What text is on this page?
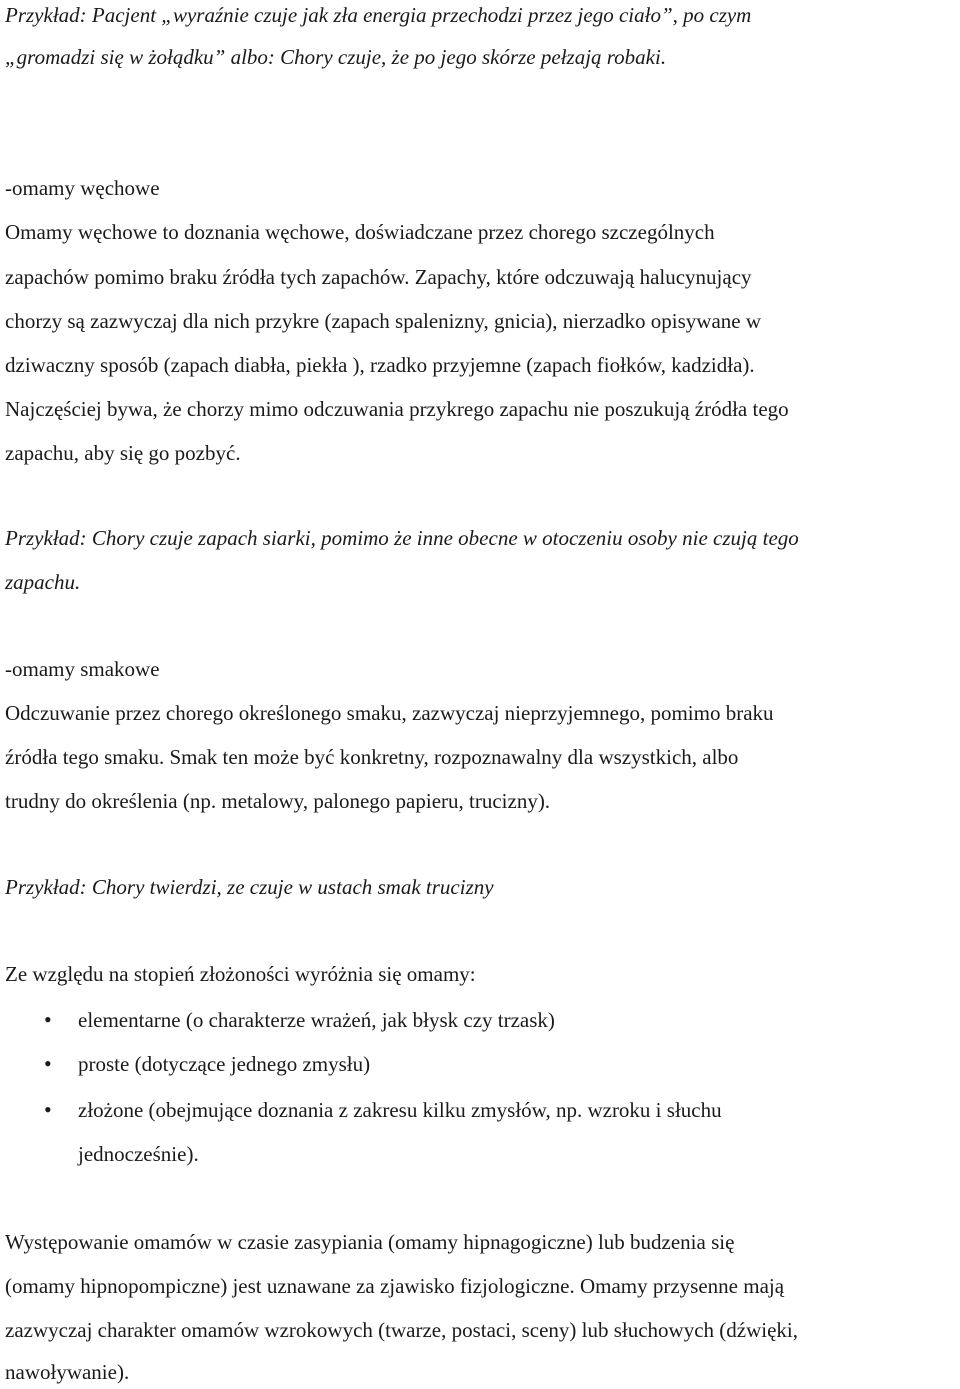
Przykład: Pacjent „wyraźnie czuje jak zła energia przechodzi przez jego ciało”, po czym
„gromadzi się w żołądku” albo: Chory czuje, że po jego skórze pełzają robaki.
-omamy węchowe
Omamy węchowe to doznania węchowe, doświadczane przez chorego szczególnych
zapachów pomimo braku źródła tych zapachów. Zapachy, które odczuwają halucynujący
chorzy są zazwyczaj dla nich przykre (zapach spalenizny, gnicia), nierzadko opisywane w
dziwaczny sposób (zapach diabła, piekła ), rzadko przyjemne (zapach fiołków, kadzidła).
Najczęściej bywa, że chorzy mimo odczuwania przykrego zapachu nie poszukują źródła tego
zapachu, aby się go pozbyć.
Przykład: Chory czuje zapach siarki, pomimo że inne obecne w otoczeniu osoby nie czują tego
zapachu.
-omamy smakowe
Odczuwanie przez chorego określonego smaku, zazwyczaj nieprzyjemnego, pomimo braku
źródła tego smaku. Smak ten może być konkretny, rozpoznawalny dla wszystkich, albo
trudny do określenia (np. metalowy, palonego papieru, trucizny).
Przykład: Chory twierdzi, ze czuje w ustach smak trucizny
Ze względu na stopień złożoności wyróżnia się omamy:
• elementarne (o charakterze wrażeń, jak błysk czy trzask)
• proste (dotyczące jednego zmysłu)
• złożone (obejmujące doznania z zakresu kilku zmysłów, np. wzroku i słuchu
jednocześnie).
Występowanie omamów w czasie zasypiania (omamy hipnagogiczne) lub budzenia się
(omamy hipnopompiczne) jest uznawane za zjawisko fizjologiczne. Omamy przysenne mają
zazwyczaj charakter omamów wzrokowych (twarze, postaci, sceny) lub słuchowych (dźwięki,
nawoływanie).
